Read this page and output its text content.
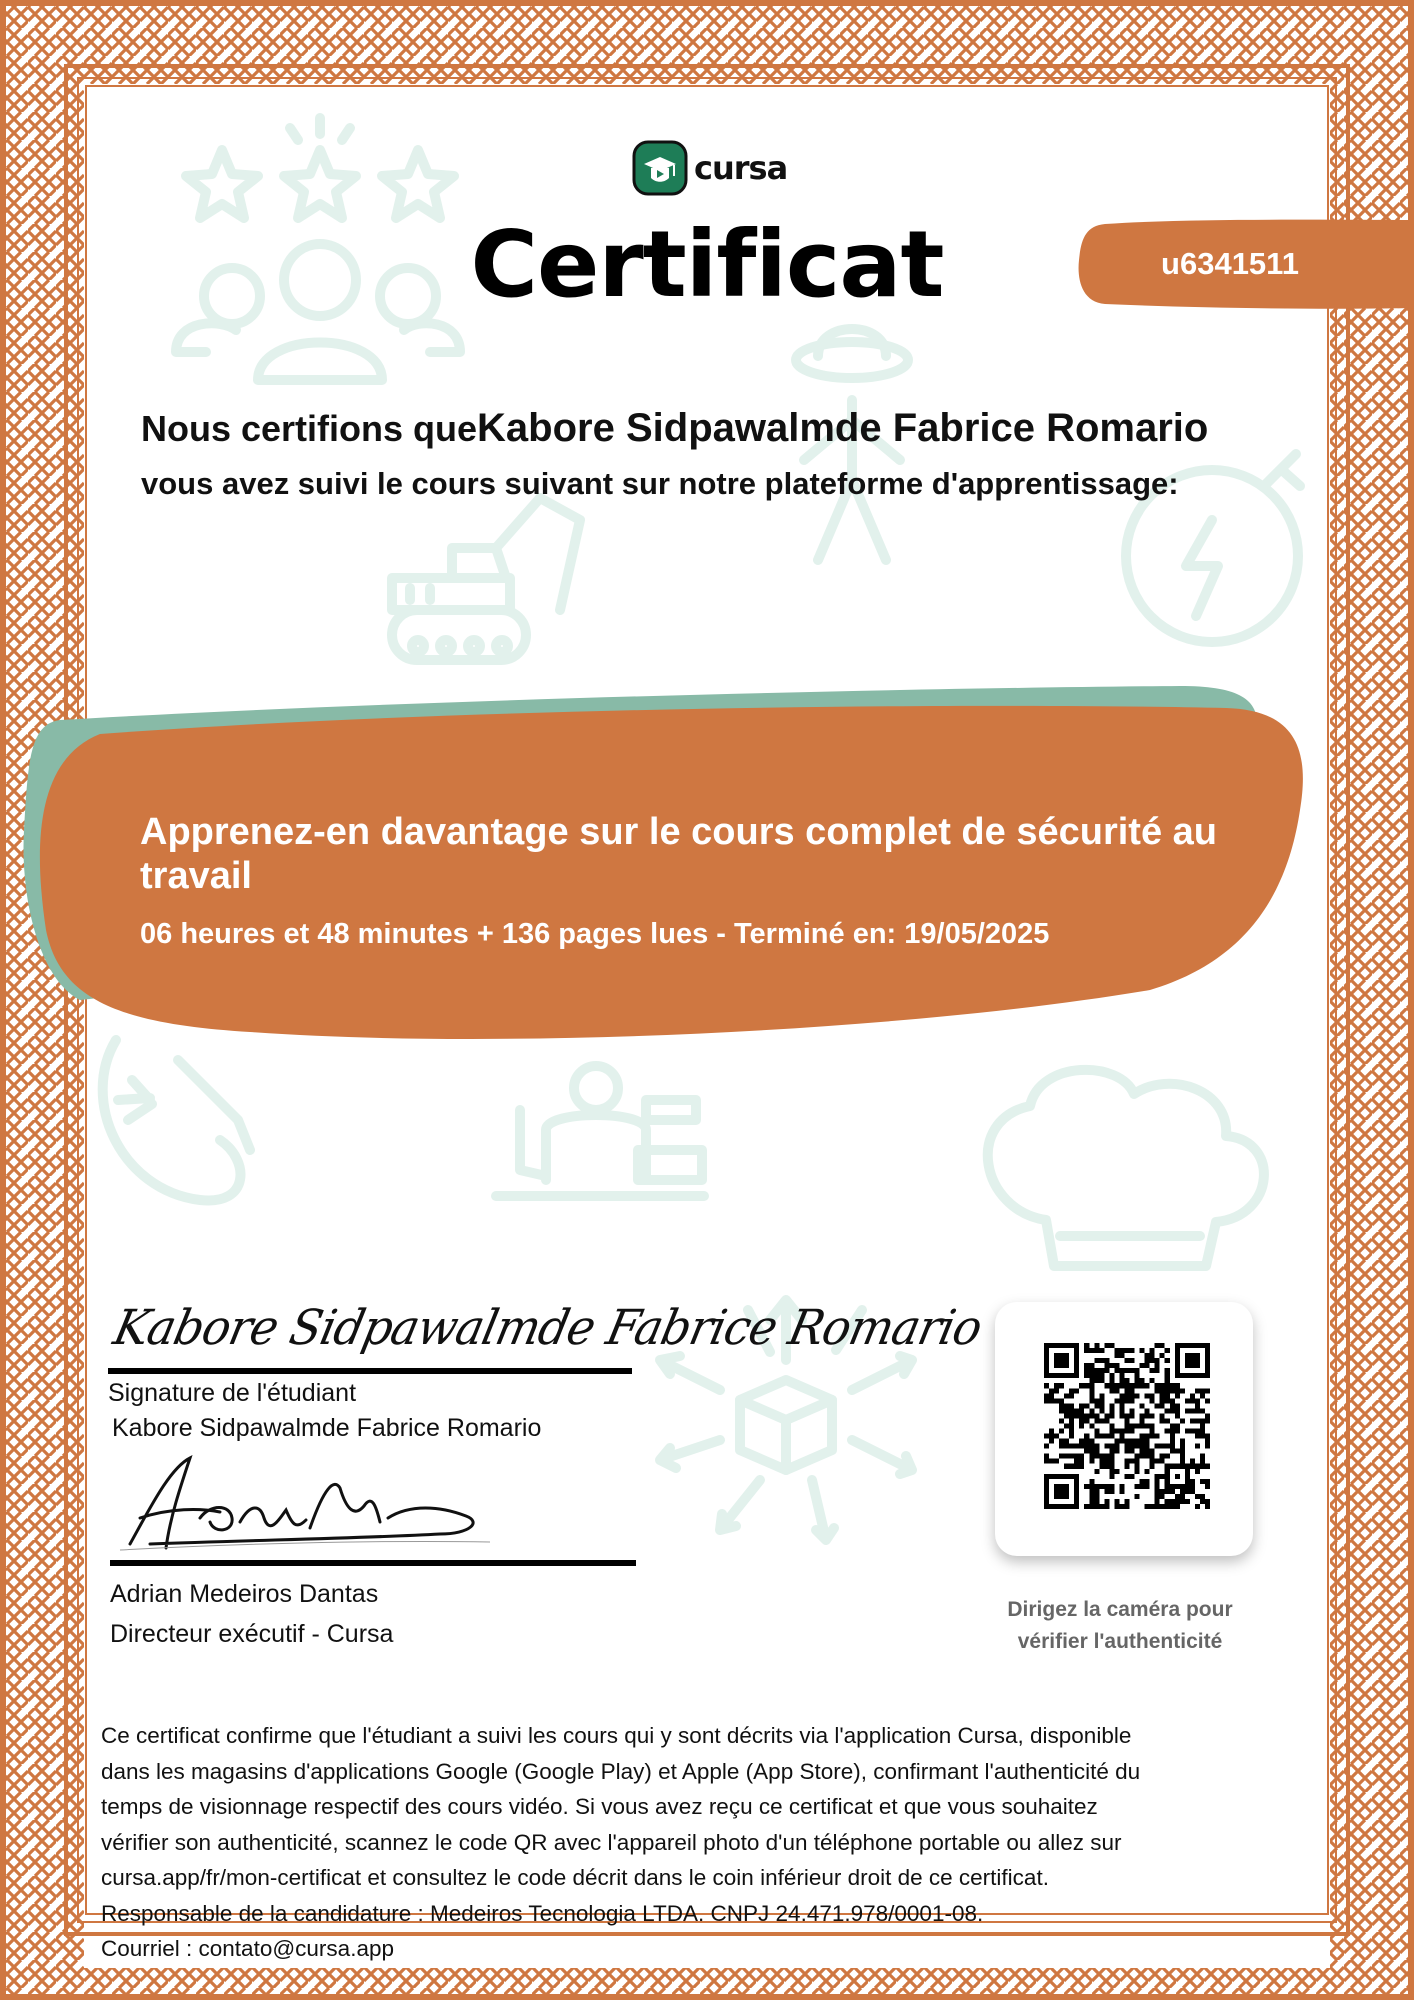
cursa
Certificat	u6341511
Nous certifions queKabore Sidpawalmde Fabrice Romario
vous avez suivi le cours suivant sur notre plateforme d'apprentissage:
Apprenez-en davantage sur le cours complet de sécurité au travail
06 heures et 48 minutes + 136 pages lues - Terminé en: 19/05/2025
Kabore Sidpawalmde Fabrice Romario
Signature de l'étudiant
Kabore Sidpawalmde Fabrice Romario
Adrian Medeiros Dantas
Directeur exécutif - Cursa
Dirigez la caméra pour
vérifier l'authenticité
Ce certificat confirme que l'étudiant a suivi les cours qui y sont décrits via l'application Cursa, disponible
dans les magasins d'applications Google (Google Play) et Apple (App Store), confirmant l'authenticité du
temps de visionnage respectif des cours vidéo. Si vous avez reçu ce certificat et que vous souhaitez
vérifier son authenticité, scannez le code QR avec l'appareil photo d'un téléphone portable ou allez sur
cursa.app/fr/mon-certificat et consultez le code décrit dans le coin inférieur droit de ce certificat.
Responsable de la candidature : Medeiros Tecnologia LTDA. CNPJ 24.471.978/0001-08.
Courriel : contato@cursa.app
